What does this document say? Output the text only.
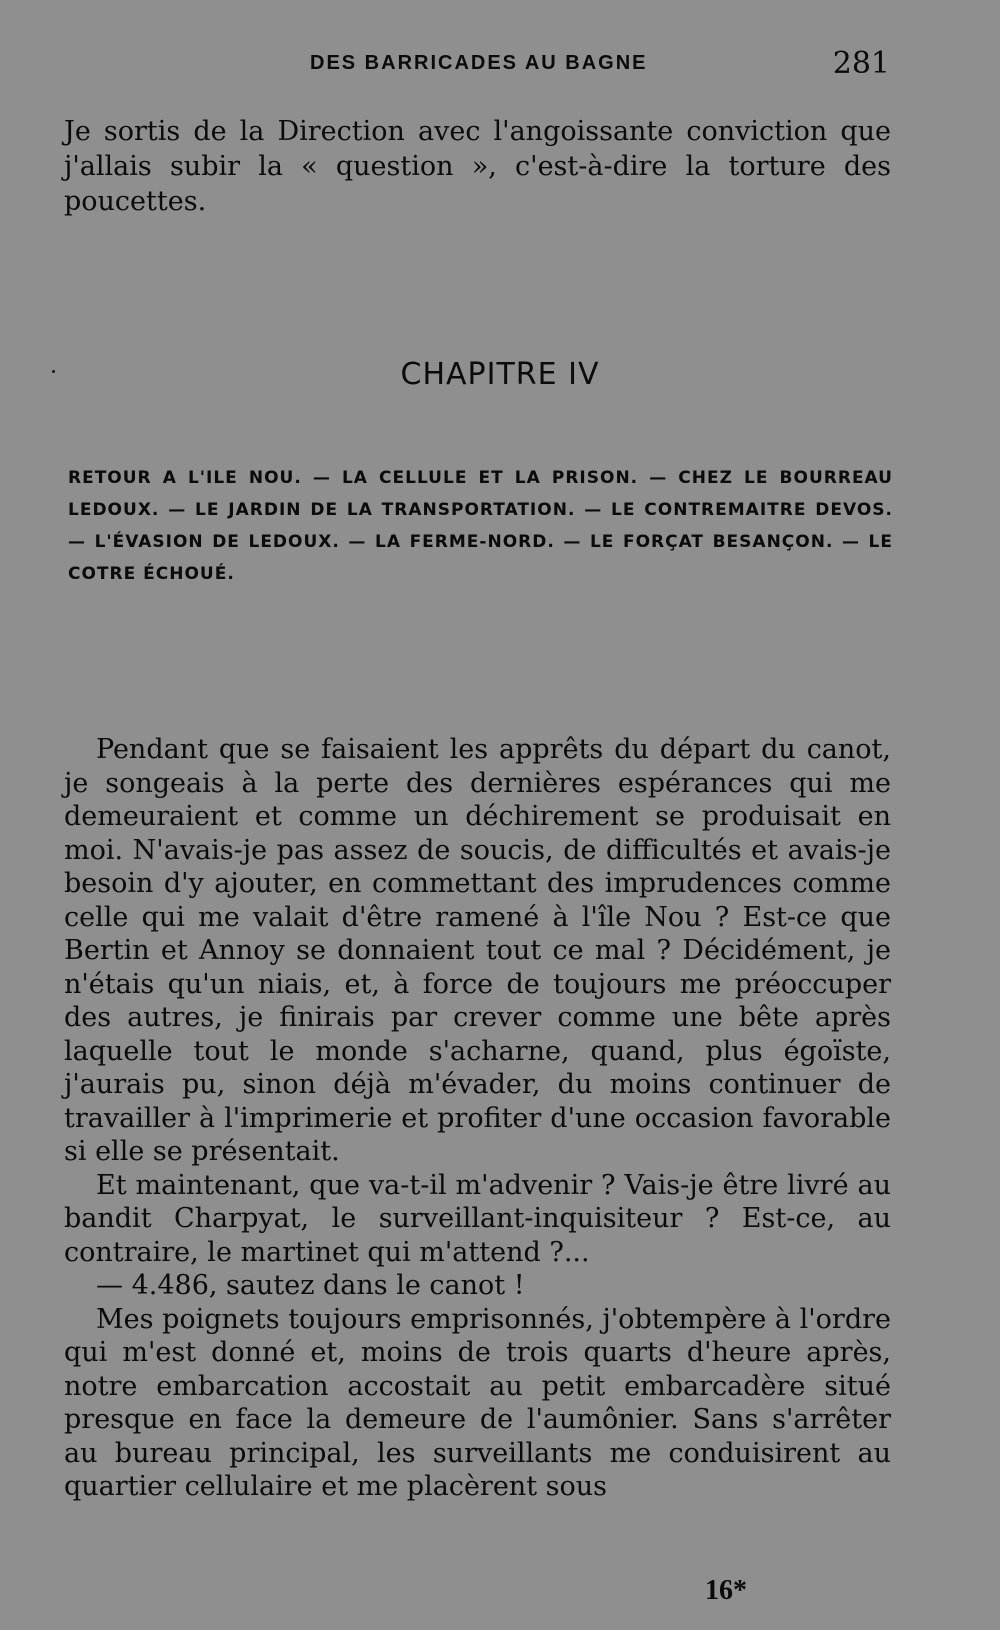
DES BARRICADES AU BAGNE	281
Je sortis de la Direction avec l'angoissante conviction que j'allais subir la « question », c'est-à-dire la torture des poucettes.
CHAPITRE IV
RETOUR A L'ILE NOU. — LA CELLULE ET LA PRISON. — CHEZ LE BOURREAU LEDOUX. — LE JARDIN DE LA TRANSPORTATION. — LE CONTREMAITRE DEVOS. — L'ÉVASION DE LEDOUX. — LA FERME-NORD. — LE FORÇAT BESANÇON. — LE COTRE ÉCHOUÉ.

Pendant que se faisaient les apprêts du départ du canot, je songeais à la perte des dernières espérances qui me demeuraient et comme un déchirement se produisait en moi. N'avais-je pas assez de soucis, de difficultés et avais-je besoin d'y ajouter, en commettant des imprudences comme celle qui me valait d'être ramené à l'île Nou ? Est-ce que Bertin et Annoy se donnaient tout ce mal ? Décidément, je n'étais qu'un niais, et, à force de toujours me préoccuper des autres, je finirais par crever comme une bête après laquelle tout le monde s'acharne, quand, plus égoïste, j'aurais pu, sinon déjà m'évader, du moins continuer de travailler à l'imprimerie et profiter d'une occasion favorable si elle se présentait.

Et maintenant, que va-t-il m'advenir ? Vais-je être livré au bandit Charpyat, le surveillant-inquisiteur ? Est-ce, au contraire, le martinet qui m'attend ?...

— 4.486, sautez dans le canot !

Mes poignets toujours emprisonnés, j'obtempère à l'ordre qui m'est donné et, moins de trois quarts d'heure après, notre embarcation accostait au petit embarcadère situé presque en face la demeure de l'aumônier. Sans s'arrêter au bureau principal, les surveillants me conduisirent au quartier cellulaire et me placèrent sous

16*
